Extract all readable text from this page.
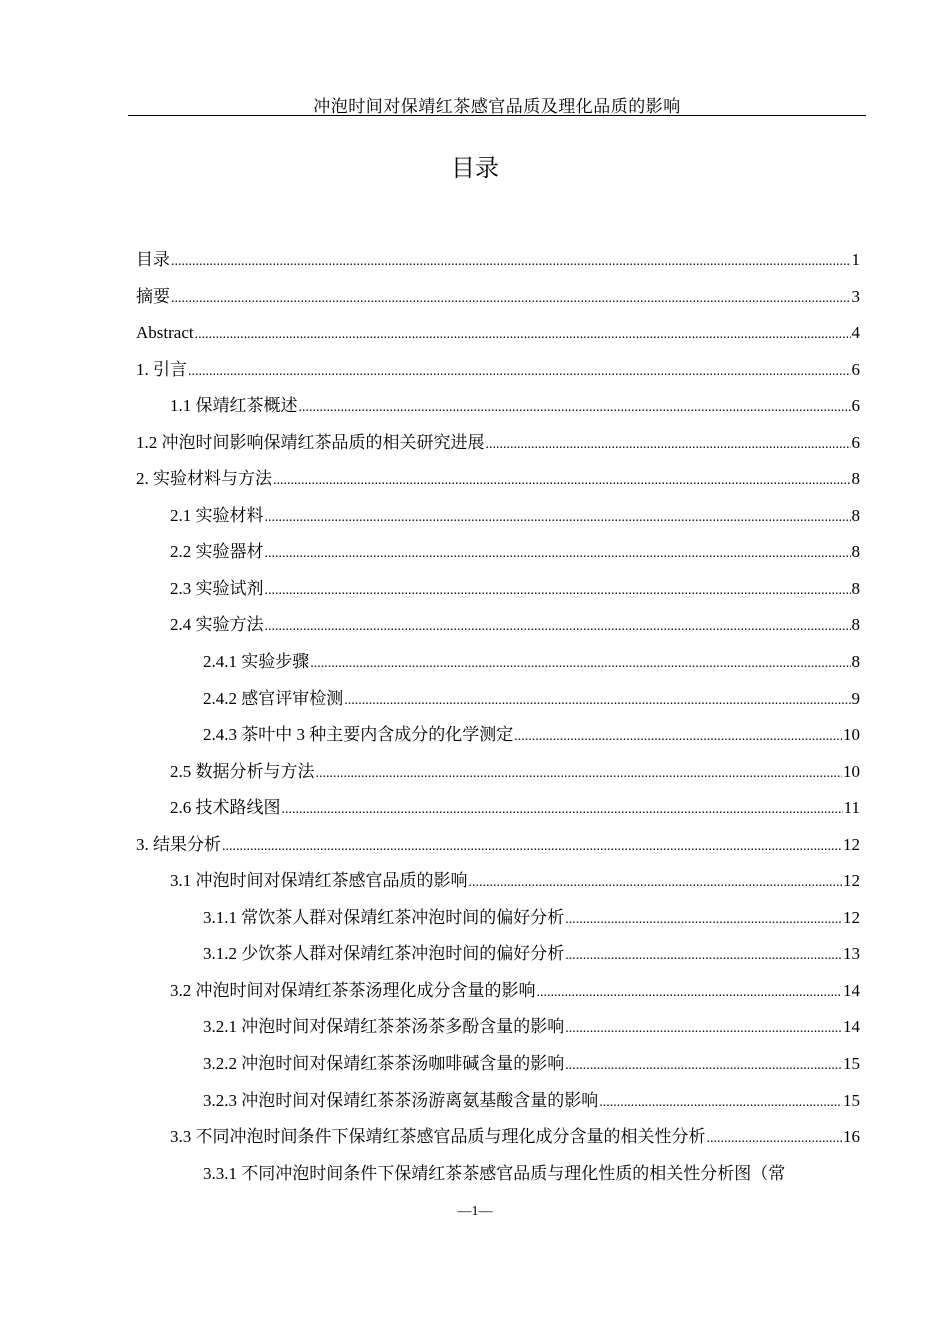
冲泡时间对保靖红茶感官品质及理化品质的影响
目录
目录 .....	1
摘要 .....	3
Abstract .....	4
1. 引言 .....	6
1.1 保靖红茶概述 .....	6
1.2 冲泡时间影响保靖红茶品质的相关研究进展 .....	6
2. 实验材料与方法 .....	8
2.1 实验材料 .....	8
2.2 实验器材 .....	8
2.3 实验试剂 .....	8
2.4 实验方法 .....	8
2.4.1 实验步骤 .....	8
2.4.2 感官评审检测 .....	9
2.4.3 茶叶中 3 种主要内含成分的化学测定 .....	10
2.5 数据分析与方法 .....	10
2.6 技术路线图 .....	11
3. 结果分析 .....	12
3.1 冲泡时间对保靖红茶感官品质的影响 .....	12
3.1.1 常饮茶人群对保靖红茶冲泡时间的偏好分析 .....	12
3.1.2 少饮茶人群对保靖红茶冲泡时间的偏好分析 .....	13
3.2 冲泡时间对保靖红茶茶汤理化成分含量的影响 .....	14
3.2.1 冲泡时间对保靖红茶茶汤茶多酚含量的影响 .....	14
3.2.2 冲泡时间对保靖红茶茶汤咖啡碱含量的影响 .....	15
3.2.3 冲泡时间对保靖红茶茶汤游离氨基酸含量的影响 .....	15
3.3 不同冲泡时间条件下保靖红茶感官品质与理化成分含量的相关性分析 .....	16
3.3.1 不同冲泡时间条件下保靖红茶茶感官品质与理化性质的相关性分析图（常
—1—
